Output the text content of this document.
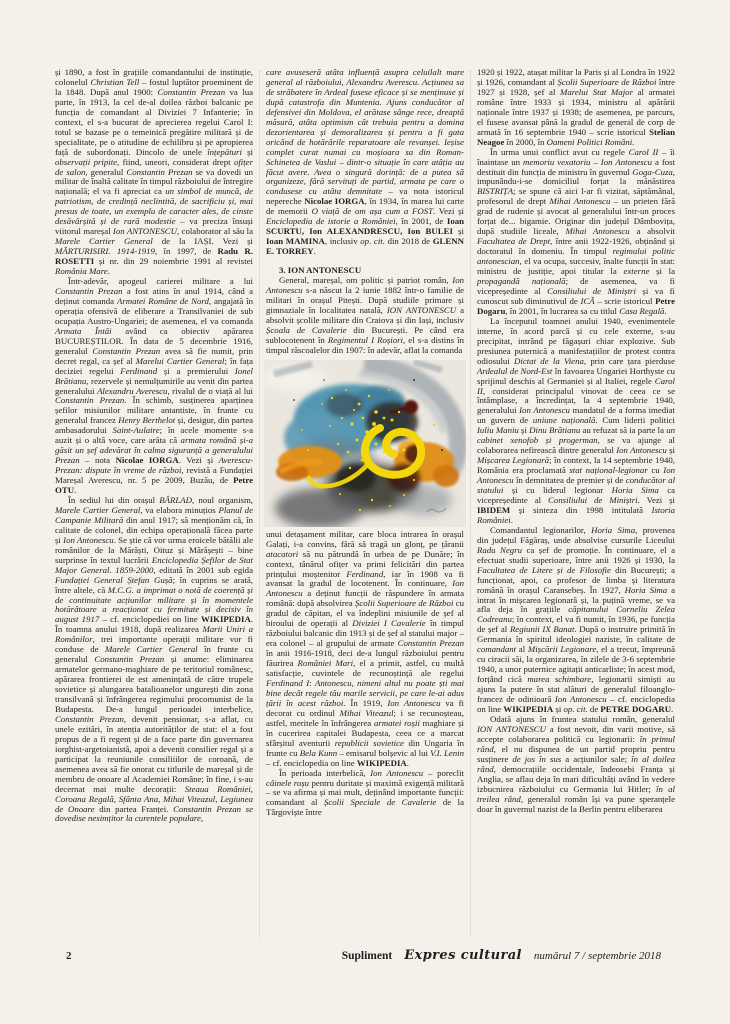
și 1890, a fost în grațiile comandantului de instituție, colonelul Christian Tell – fostul luptător proeminent de la 1848. După anul 1900: Constantin Prezan va lua parte, în 1913, la cel de-al doilea război balcanic pe funcția de comandant al Diviziei 7 Infanterie; în context, el s-a bucurat de aprecierea regelui Carol I: totul se bazase pe o temeinică pregătire militară și de specialitate, pe o atitudine de echilibru și pe apropierea față de subordonați. Dincolo de unele înțepături și observații pripite, fiind, uneori, considerat drept ofițer de salon, generalul Constantin Prezan se va dovedi un militar de înaltă calitate în timpul războiului de întregire națională; el va fi apreciat ca un simbol de muncă, de patriotism, de credință neclintită, de sacrificiu și, mai presus de toate, un exemplu de caracter ales, de cinste desăvârșită și de rară modestie – va preciza însuși viitorul mareșal Ion ANTONESCU, colaborator al său la Marele Cartier General de la IAȘI. Vezi și MĂRTURISIRI. 1914-1919, în 1997, de Radu R. ROSETTI și nr. din 29 noiembrie 1991 al revistei România Mare.

Într-adevăr, apogeul carierei militare a lui Constantin Prezan a fost atins în anul 1914, când a deținut comanda Armatei Române de Nord, angajată în operația ofensivă de eliberare a Transilvaniei de sub ocupația Austro-Ungariei; de asemenea, el va comanda Armata Întâi având ca obiectiv apărarea BUCUREȘTILOR. În data de 5 decembrie 1916, generalul Constantin Prezan avea să fie numit, prin decret regal, ca șef al Marelui Cartier General; în fața deciziei regelui Ferdinand și a premierului Ionel Brătianu, rezervele și nemulțumirile au venit din partea generalului Alexandru Averescu, rivalul de o viață al lui Constantin Prezan. În schimb, susținerea aparținea șefilor misiunilor militare antantiste, în frunte cu generalul francez Henry Berthelot și, desigur, din partea ambasadorului Saint-Aulaire; în acele momente s-a auzit și o altă voce, care arăta că armata română și-a găsit un șef adevărat în calma siguranță a generalului Prezan – nota Nicolae IORGA. Vezi și Averescu-Prezan: dispute în vreme de război, revistă a Fundației Mareșal Averescu, nr. 5 pe 2009, Buzău, de Petre OTU.

În sediul lui din orașul BÂRLAD, noul organism, Marele Cartier General, va elabora minuțios Planul de Campanie Militară din anul 1917; să menționăm că, în calitate de colonel, din echipa operațională făcea parte și Ion Antonescu. Se știe că vor urma eroicele bătălii ale românilor de la Mărăști, Oituz și Mărășești – bine surprinse în textul lucrării Enciclopedia Șefilor de Stat Major General. 1859-2000, editată în 2001 sub egida Fundației General Ștefan Gușă; în cuprins se arată, între altele, că M.C.G. a imprimat o notă de coerență și de continuitate acțiunilor militare și în momentele hotărâtoare a reacționat cu fermitate și decisiv în august 1917 – cf. enciclopediei on line WIKIPEDIA. În toamna anului 1918, după realizarea Marii Uniri a Românilor, trei importante operații militare vor fi conduse de Marele Cartier General în frunte cu generalul Constantin Prezan și anume: eliminarea armatelor germano-maghiare de pe teritoriul românesc, apărarea frontierei de est amenințată de către trupele sovietice și alungarea batalioanelor ungurești din zona transilvană și înfrângerea regimului procomunist de la Budapesta. De-a lungul perioadei interbelice, Constantin Prezan, devenit pensionar, s-a aflat, cu unele ezitări, în atenția autorităților de stat: el a fost propus de a fi regent și de a face parte din guvernarea iorghist-argetoianistă, apoi a devenit consilier regal și a participat la reuniunile consiliiilor de coroană, de asemenea avea să fie onorat cu titlurile de mareșal și de membru de onoare al Academiei Române; în fine, i s-au decernat mai multe decorații: Steaua României, Coroana Regală, Sfânta Ana, Mihai Viteazul, Legiunea de Onoare din partea Franței. Constantin Prezan se dovedise nesimțitor la curentele populare,

care avuseseră atâta influență asupra celuilalt mare general al războiului, Alexandru Averescu. Acțiunea sa de străbatere în Ardeal fusese eficace și se menținuse și după catastrofa din Muntenia. Ajuns conducător al defensivei din Moldova, el arătase sânge rece, dreaptă măsură, atâta optimism cât trebuia pentru a domina dezorientarea și demoralizarea și pentru a fi gata oricând de hotărârile reparatoare ale revanșei. Ieșise complet curat numai cu moșioara sa din Roman-Schinetea de Vaslui – dintr-o situație în care atâția au făcut avere. Avea o singură dorință: de a putea să organizeze, fără servituți de partid, armata pe care o condusese cu atâta demnitate – va nota istoricul nepereche Nicolae IORGA, în 1934, în marea lui carte de memorii O viață de om așa cum a FOST. Vezi și Enciclopedia de istorie a României, în 2001, de Ioan SCURTU, Ion ALEXANDRESCU, Ion BULEI și Ioan MAMINA, inclusiv op. cit. din 2018 de GLENN E. TORREY.

3. ION ANTONESCU

General, mareșal, om politic și patriot român, Ion Antonescu s-a născut la 2 iunie 1882 într-o familie de militari în orașul Pitești. După studiile primare și gimnaziale în localitatea natală, ION ANTONESCU a absolvit școlile militare din Craiova și din Iași, inclusiv Școala de Cavalerie din București. Pe când era sublocotenent în Regimentul I Roșiori, el s-a distins în timpul răscoalelor din 1907: în adevăr, aflat la comanda

unui detașament militar, care bloca intrarea în orașul Galați, i-a convins, fără să tragă un glonț, pe țăranii atacatori să nu pătrundă în urbea de pe Dunăre; în context, tânărul ofițer va primi felicitări din partea prințului moștenitor Ferdinand, iar în 1908 va fi avansat la gradul de locotenent. În continuare, Ion Antonescu a deținut funcții de răspundere în armata română: după absolvirea Școlii Superioare de Război cu gradul de căpitan, el va îndeplini misiunile de șef al biroului de operații al Diviziei I Cavalerie în timpul războiului balcanic din 1913 și de șef al statului major – era colonel – al grupului de armate Constantin Prezan în anii 1916-1918, deci de-a lungul războiului pentru făurirea României Mari, el a primit, astfel, cu multă satisfacție, cuvintele de recunoștință ale regelui Ferdinand I: Antonescu, nimeni altul nu poate ști mai bine decât regele tău marile servicii, pe care le-ai adus țării în acest război. În 1919, Ion Antonescu va fi decorat cu ordinul Mihai Viteazul; i se recunoșteau, astfel, meritele în înfrângerea armatei roșii maghiare și în cucerirea capitalei Budapesta, ceea ce a marcat sfârșitul aventurii republicii sovietice din Ungaria în frunte cu Bela Kunn – emisarul bolșevic al lui V.I. Lenin – cf. enciclopedia on line WIKIPEDIA.

În perioada interbelică, Ion Antonescu – poreclit câinele roșu pentru duritate și maximă exigență militară – se va afirma și mai mult, deținând importante funcții: comandant al Școlii Speciale de Cavalerie de la Târgoviște între

1920 și 1922, atașat militar la Paris și al Londra în 1922 și 1926, comandant al Școlii Superioare de Război între 1927 și 1928, șef al Marelui Stat Major al armatei române între 1933 și 1934, ministru al apărării naționale între 1937 și 1938; de asemenea, pe parcurs, el fusese avansat până la gradul de general de corp de armată în 16 septembrie 1940 – scrie istoricul Stelian Neagoe în 2000, în Oameni Politici Români.

În urma unui conflict avut cu regele Carol II – îi înaintase un memoriu vexatoriu – Ion Antonescu a fost destituit din funcția de ministru în guvernul Goga-Cuza, impunându-i-se domiciliul forțat la mănăstirea BISTRIȚA; se spune că aici l-ar fi vizitat, săptămânal, profesorul de drept Mihai Antonescu – un prieten fără grad de rudenie și avocat al generalului într-un proces forțat de... bigamie. Originar din județul Dâmbovița, după studiile liceale, Mihai Antonescu a absolvit Facultatea de Drept, între anii 1922-1926, obținând și doctoratul în domeniu. În timpul regimului politic antonescian, el va ocupa, succesiv, înalte funcții în stat: ministru de justiție, apoi titular la externe și la propagandă națională; de asemenea, va fi vicepreședinte al Consiliului de Miniștri și va fi cunoscut sub diminutivul de ICĂ – scrie istoricul Petre Dogaru, în 2001, în lucrarea sa cu titlul Casa Regală.

La începutul toamnei anului 1940, evenimentele interne, în acord parcă și cu cele externe, s-au precipitat, intrând pe făgașuri chiar explozive. Sub presiunea puternică a manifestațiilor de protest contra odiosului Dictat de la Viena, prin care țara pierduse Ardealul de Nord-Est în favoarea Ungariei Horthyste cu sprijinul deschis al Germaniei și al Italiei, regele Carol II, considerat principalul vinovat de ceea ce se întâmplase, a încredințat, la 4 septembrie 1940, generalului Ion Antonescu mandatul de a forma imediat un guvern de uniune națională. Cum liderii politici Iuliu Maniu și Dinu Brătianu au refuzat să ia parte la un cabinet xenofob și progerman, se va ajunge al colaborarea nefirească dintre generalul Ion Antonescu și Mișcarea Legionară; în context, la 14 septembrie 1940, România era proclamată stat național-legionar cu Ion Antonescu în demnitatea de premier și de conducător al statului și cu liderul legionar Horia Sima ca vicepreședinte al Consiliului de Miniștri. Vezi și IBIDEM și sinteza din 1998 intitulată Istoria României.

Comandantul legionarilor, Horia Sima, provenea din județul Făgăraș, unde absolvise cursurile Liceului Radu Negru ca șef de promoție. În continuare, el a efectuat studii superioare, între anii 1926 și 1930, la Facultatea de Litere și de Filosofie din București; a funcționat, apoi, ca profesor de limba și literatura română în orașul Caransebeș. În 1927, Horia Sima a intrat în mișcarea legionară și, la puțină vreme, se va afla deja în grațiile căpitanului Corneliu Zelea Codreanu; în context, el va fi numit, în 1936, pe funcția de șef al Regiunii IX Banat. După o instruire primită în Germania în spiritul ideologiei naziste, în calitate de comandant al Mișcării Legionare, el a trecut, împreună cu ciracii săi, la organizarea, în zilele de 3-6 septembrie 1940, a unor puternice agitații anticarliste; în acest mod, forțând cică marea schimbare, legionarii simiști au ajuns la putere în stat alături de generalul filoanglo-francez de odinioară Ion Antonescu – cf. enciclopedia on line WIKIPEDIA și op. cit. de PETRE DOGARU.

Odată ajuns în fruntea statului român, generalul ION ANTONESCU a fost nevoit, din varii motive, să accepte colaborarea politică cu legionarii: în primul rând, el nu dispunea de un partid propriu pentru susținere de jos în sus a acțiunilor sale; în al doilea rând, democrațiile occidentale, îndeosebi Franța și Anglia, se aflau deja în mari dificultăți având în vedere izbucnirea războiului cu Germania lui Hitler; în al treilea rând, generalul român își va pune speranțele doar în guvernul nazist de la Berlin pentru eliberarea

2	Supliment Expres cultural numărul 7 / septembrie 2018
